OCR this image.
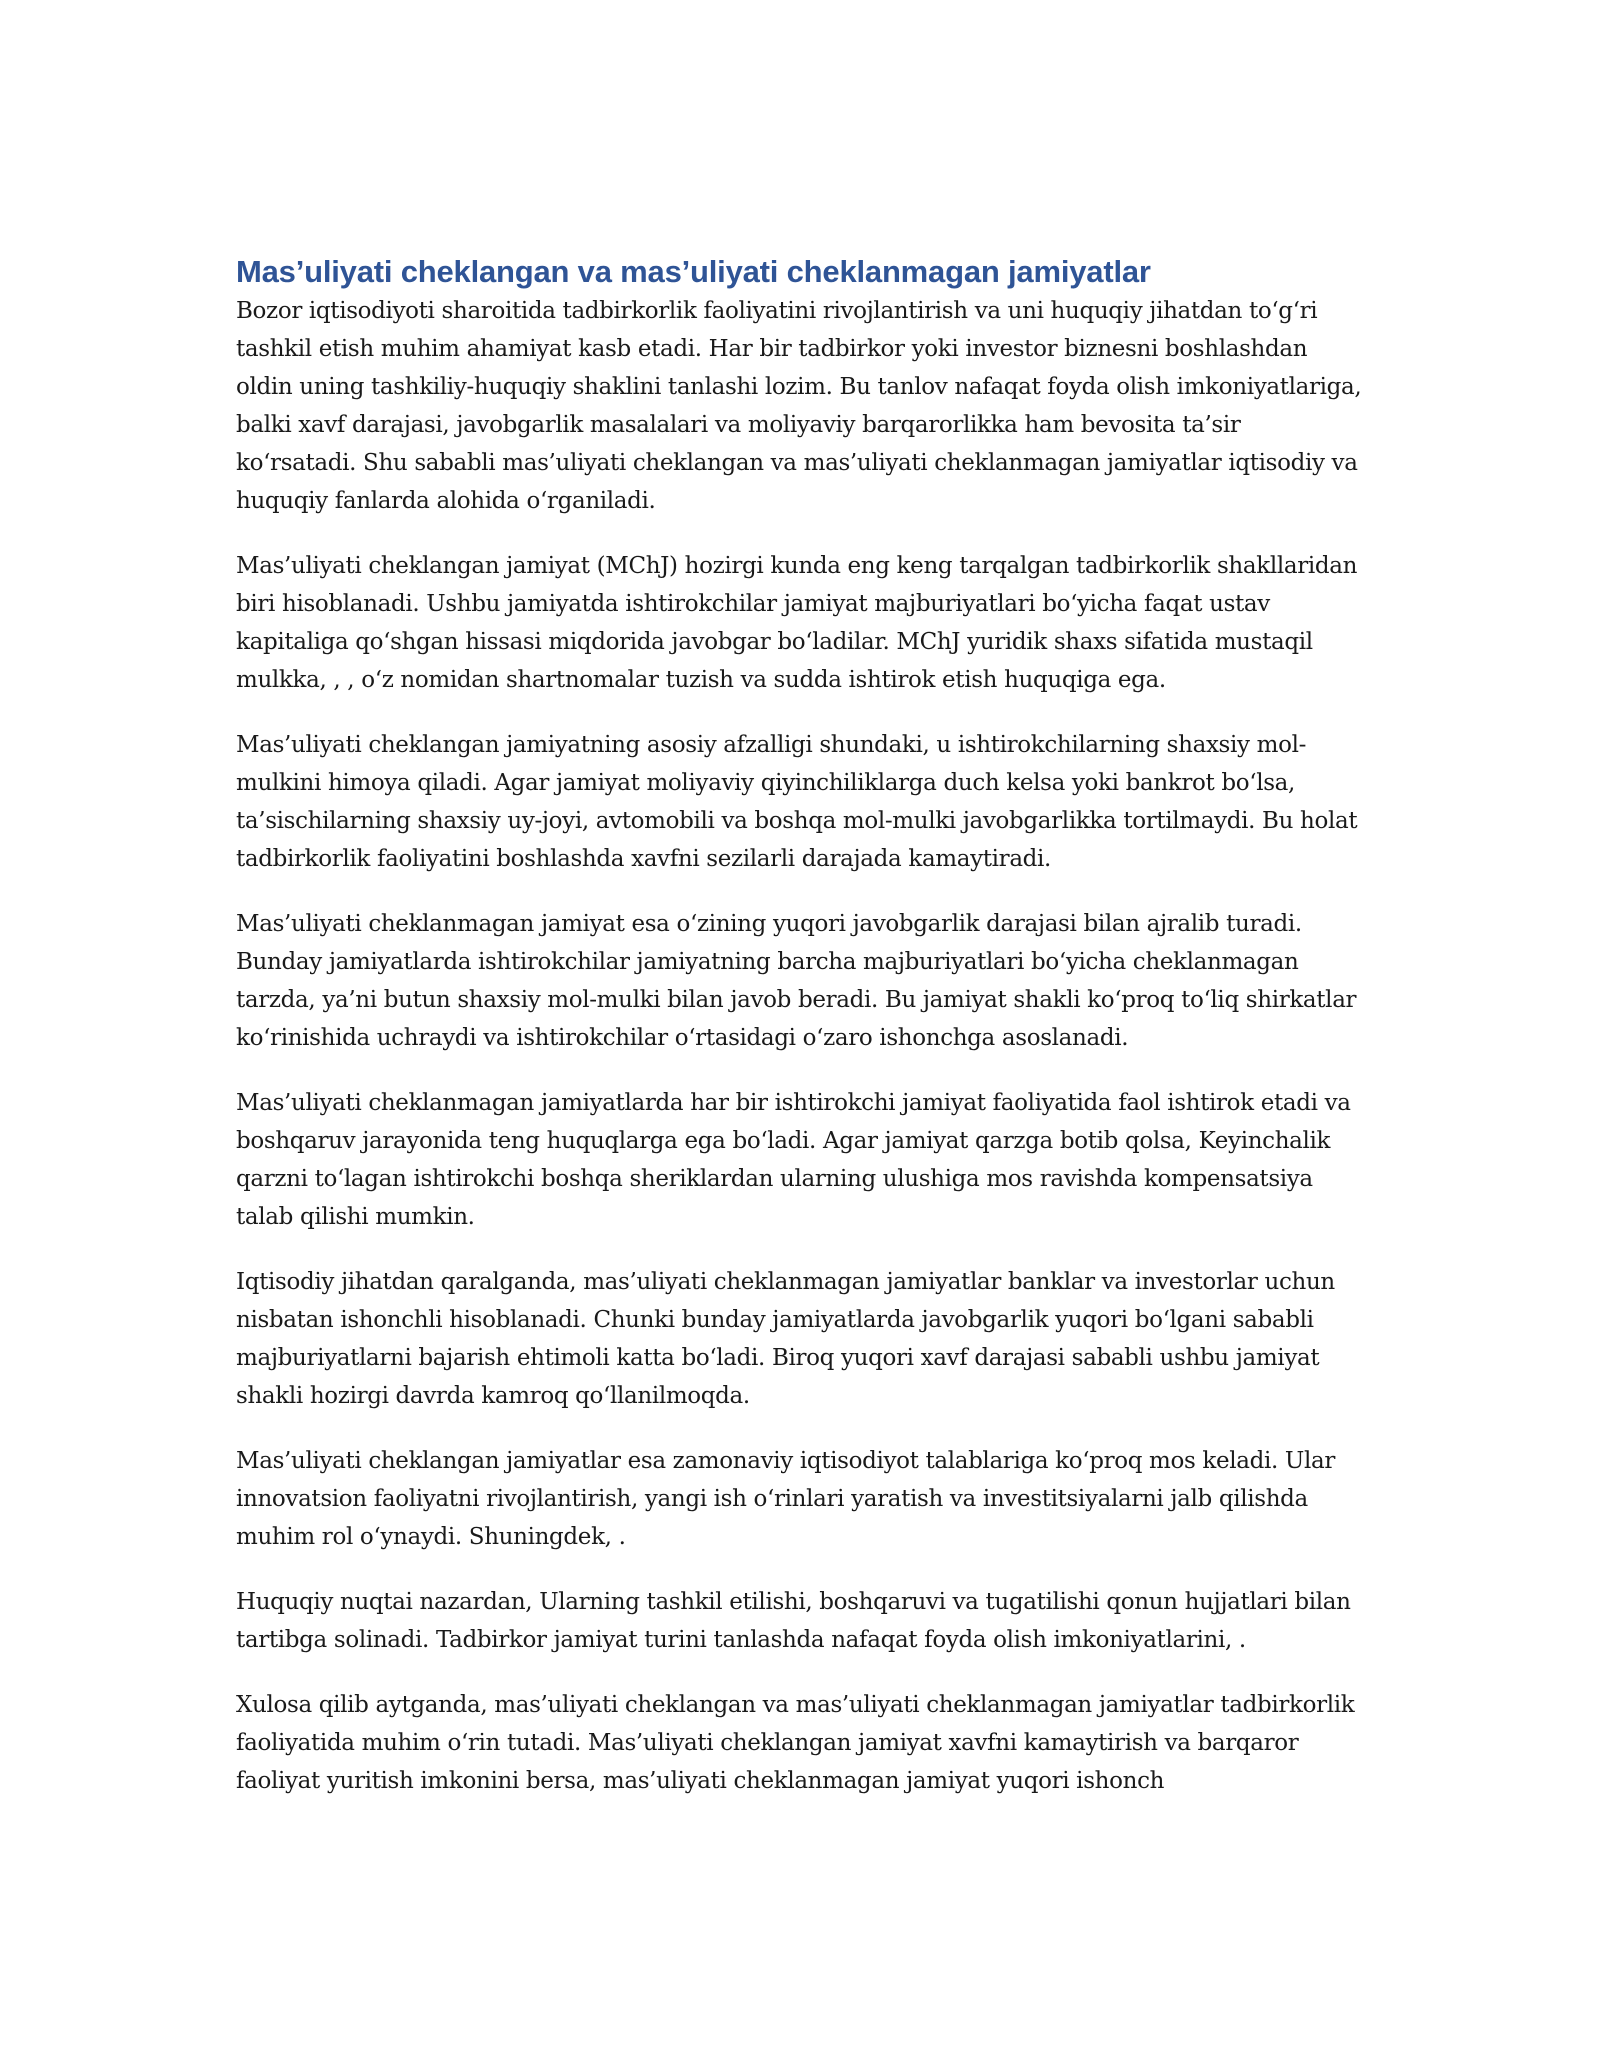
Mas’uliyati cheklangan va mas’uliyati cheklanmagan jamiyatlar

Bozor iqtisodiyoti sharoitida tadbirkorlik faoliyatini rivojlantirish va uni huquqiy jihatdan to‘g‘ri tashkil etish muhim ahamiyat kasb etadi. Har bir tadbirkor yoki investor biznesni boshlashdan oldin uning tashkiliy-huquqiy shaklini tanlashi lozim. Bu tanlov nafaqat foyda olish imkoniyatlariga, balki xavf darajasi, javobgarlik masalalari va moliyaviy barqarorlikka ham bevosita ta’sir ko‘rsatadi. Shu sababli mas’uliyati cheklangan va mas’uliyati cheklanmagan jamiyatlar iqtisodiy va huquqiy fanlarda alohida o‘rganiladi.

Mas’uliyati cheklangan jamiyat (MChJ) hozirgi kunda eng keng tarqalgan tadbirkorlik shakllaridan biri hisoblanadi. Ushbu jamiyatda ishtirokchilar jamiyat majburiyatlari bo‘yicha faqat ustav kapitaliga qo‘shgan hissasi miqdorida javobgar bo‘ladilar. MChJ yuridik shaxs sifatida mustaqil mulkka, , , o‘z nomidan shartnomalar tuzish va sudda ishtirok etish huquqiga ega.

Mas’uliyati cheklangan jamiyatning asosiy afzalligi shundaki, u ishtirokchilarning shaxsiy mol-mulkini himoya qiladi. Agar jamiyat moliyaviy qiyinchiliklarga duch kelsa yoki bankrot bo‘lsa, ta’sischilarning shaxsiy uy-joyi, avtomobili va boshqa mol-mulki javobgarlikka tortilmaydi. Bu holat tadbirkorlik faoliyatini boshlashda xavfni sezilarli darajada kamaytiradi.

Mas’uliyati cheklanmagan jamiyat esa o‘zining yuqori javobgarlik darajasi bilan ajralib turadi. Bunday jamiyatlarda ishtirokchilar jamiyatning barcha majburiyatlari bo‘yicha cheklanmagan tarzda, ya’ni butun shaxsiy mol-mulki bilan javob beradi. Bu jamiyat shakli ko‘proq to‘liq shirkatlar ko‘rinishida uchraydi va ishtirokchilar o‘rtasidagi o‘zaro ishonchga asoslanadi.

Mas’uliyati cheklanmagan jamiyatlarda har bir ishtirokchi jamiyat faoliyatida faol ishtirok etadi va boshqaruv jarayonida teng huquqlarga ega bo‘ladi. Agar jamiyat qarzga botib qolsa, Keyinchalik qarzni to‘lagan ishtirokchi boshqa sheriklardan ularning ulushiga mos ravishda kompensatsiya talab qilishi mumkin.

Iqtisodiy jihatdan qaralganda, mas’uliyati cheklanmagan jamiyatlar banklar va investorlar uchun nisbatan ishonchli hisoblanadi. Chunki bunday jamiyatlarda javobgarlik yuqori bo‘lgani sababli majburiyatlarni bajarish ehtimoli katta bo‘ladi. Biroq yuqori xavf darajasi sababli ushbu jamiyat shakli hozirgi davrda kamroq qo‘llanilmoqda.

Mas’uliyati cheklangan jamiyatlar esa zamonaviy iqtisodiyot talablariga ko‘proq mos keladi. Ular innovatsion faoliyatni rivojlantirish, yangi ish o‘rinlari yaratish va investitsiyalarni jalb qilishda muhim rol o‘ynaydi. Shuningdek, .

Huquqiy nuqtai nazardan, Ularning tashkil etilishi, boshqaruvi va tugatilishi qonun hujjatlari bilan tartibga solinadi. Tadbirkor jamiyat turini tanlashda nafaqat foyda olish imkoniyatlarini, .

Xulosa qilib aytganda, mas’uliyati cheklangan va mas’uliyati cheklanmagan jamiyatlar tadbirkorlik faoliyatida muhim o‘rin tutadi. Mas’uliyati cheklangan jamiyat xavfni kamaytirish va barqaror faoliyat yuritish imkonini bersa, mas’uliyati cheklanmagan jamiyat yuqori ishonch
